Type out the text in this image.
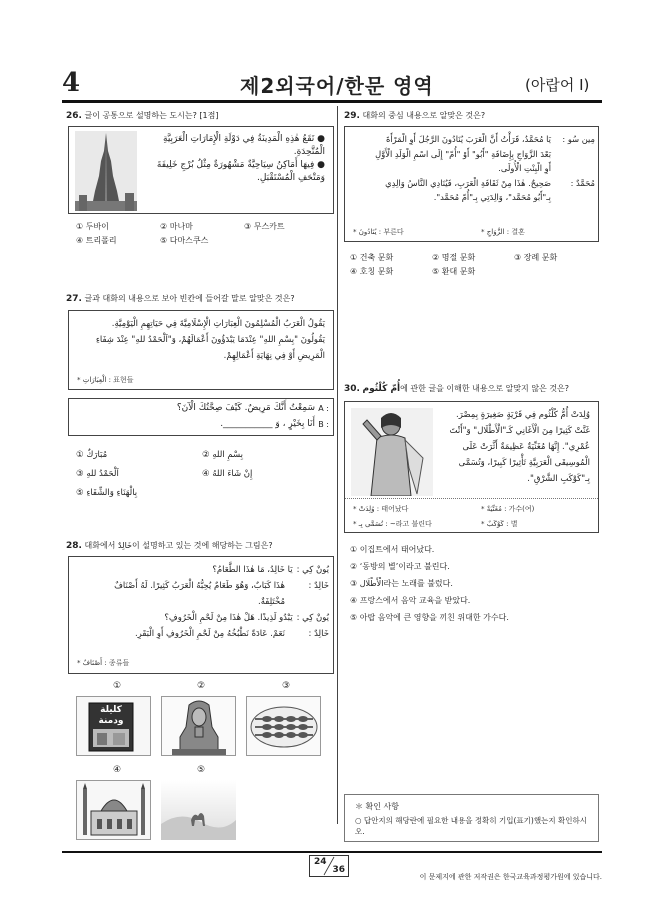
4	제2외국어/한문 영역	(아랍어 Ⅰ)
26. 글이 공통으로 설명하는 도시는? [1점]
● تَقَعُ هٰذِهِ الْمَدِينَةُ فِي دَوْلَةِ الْإِمَارَاتِ الْعَرَبِيَّةِ
الْمُتَّحِدَةِ.
● فِيهَا أَمَاكِنُ سِيَاحِيَّةٌ مَشْهُورَةٌ مِثْلُ بُرْجِ خَلِيفَةَ
وَمَتْحَفِ الْمُسْتَقْبَلِ.
① 두바이	② 마나마	③ 무스카트
④ 트리폴리	⑤ 다마스쿠스
27. 글과 대화의 내용으로 보아 빈칸에 들어갈 말로 알맞은 것은?
يَقُولُ الْعَرَبُ الْمُسْلِمُونَ الْعِبَارَاتِ الْإِسْلَامِيَّةَ فِي حَيَاتِهِمِ الْيَوْمِيَّةِ.
يَقُولُونَ "بِسْمِ اللهِ" عِنْدَمَا يَبْدَؤُونَ أَعْمَالَهُمْ، وَ"اَلْحَمْدُ للهِ" عِنْدَ شِفَاءِ
الْمَرِيضِ أَوْ فِي نِهَايَةِ أَعْمَالِهِمْ.
* الْعِبَارَاتِ : 표현들
سَمِعْتُ أَنَّكَ مَرِيضٌ. كَيْفَ صِحَّتُكَ الْآنَ؟ A :
أَنَا بِخَيْرٍ ، وَ ___________. B :
① مُبَارَكٌ	② بِسْمِ اللهِ
③ اَلْحَمْدُ للهِ	④ إِنْ شَاءَ اللهُ
⑤ بِالْهَنَاءِ وَالشِّفَاءِ
28. 대화에서 خَالِدٌ이 설명하고 있는 것에 해당하는 그림은?
يَا خَالِدُ، مَا هٰذَا الطَّعَامُ؟ يُونْ كِي :
هٰذَا كَبَابٌ، وَهُوَ طَعَامٌ يُحِبُّهُ الْعَرَبُ كَثِيرًا. لَهُ أَصْنَافٌ	خَالِدٌ :
مُخْتَلِفَةٌ.
يَبْدُو لَذِيذًا. هَلْ هٰذَا مِنْ لَحْمِ الْخَرُوفِ؟ يُونْ كِي :
نَعَمْ. عَادَةً نَطْبُخُهُ مِنْ لَحْمِ الْخَرُوفِ أَوِ الْبَقَرِ.	خَالِدٌ :
* أَصْنَافٌ : 종류들
①	②	③
كليلة ودمنة
④	⑤
29. 대화의 중심 내용으로 알맞은 것은?
يَا مُحَمَّدُ، قَرَأْتُ أَنَّ الْعَرَبَ يُنَادُونَ الرَّجُلَ أَوِ الْمَرْأَةَ	مِين سُو :
بَعْدَ الزَّوَاجِ بِإِضَافَةِ "أَبُو" أَوْ "أُمّ" إِلَى اسْمِ الْوَلَدِ الْأَوَّلِ
أَوِ الْبِنْتِ الْأُولَى.
صَحِيحٌ. هٰذَا مِنْ ثَقَافَةِ الْعَرَبِ، فَيُنَادِي النَّاسُ وَالِدِي	مُحَمَّدٌ :
بِـ"أَبُو مُحَمَّد"، وَالِدَتِي بِـ"أُمّ مُحَمَّد".
* يُنَادُونَ : 부른다	* الزَّوَاجِ : 결혼
① 건축 문화	② 명절 문화	③ 장례 문화
④ 호칭 문화	⑤ 환대 문화
30. أُمّ كُلْثُوم에 관한 글을 이해한 내용으로 알맞지 않은 것은?
وُلِدَتْ أُمُّ كُلْثُوم فِي قَرْيَةٍ صَغِيرَةٍ بِمِصْرَ.
غَنَّتْ كَثِيرًا مِنَ الْأَغَانِي كَـ"الْأَطْلَال" وَ"أَنْتَ
عُمْرِي". إِنَّهَا مُغَنِّيَةٌ عَظِيمَةٌ أَثَّرَتْ عَلَى
الْمُوسِيقَى الْعَرَبِيَّةِ تَأْثِيرًا كَبِيرًا، وَتُسَمَّى
بِـ"كَوْكَبِ الشَّرْقِ".
* وُلِدَتْ : 태어났다	* مُغَنِّيَةٌ : 가수(여)
* تُسَمَّى بِـ : ~라고 불린다	* كَوْكَبٌ : 별
① 이집트에서 태어났다.
② ‘동방의 별’이라고 불린다.
③ الْأَطْلَال라는 노래를 불렀다.
④ 프랑스에서 음악 교육을 받았다.
⑤ 아랍 음악에 큰 영향을 끼친 위대한 가수다.
＊ 확인 사항
○ 답안지의 해당란에 필요한 내용을 정확히 기입(표기)했는지 확인하시오.
24
36
이 문제지에 관한 저작권은 한국교육과정평가원에 있습니다.
